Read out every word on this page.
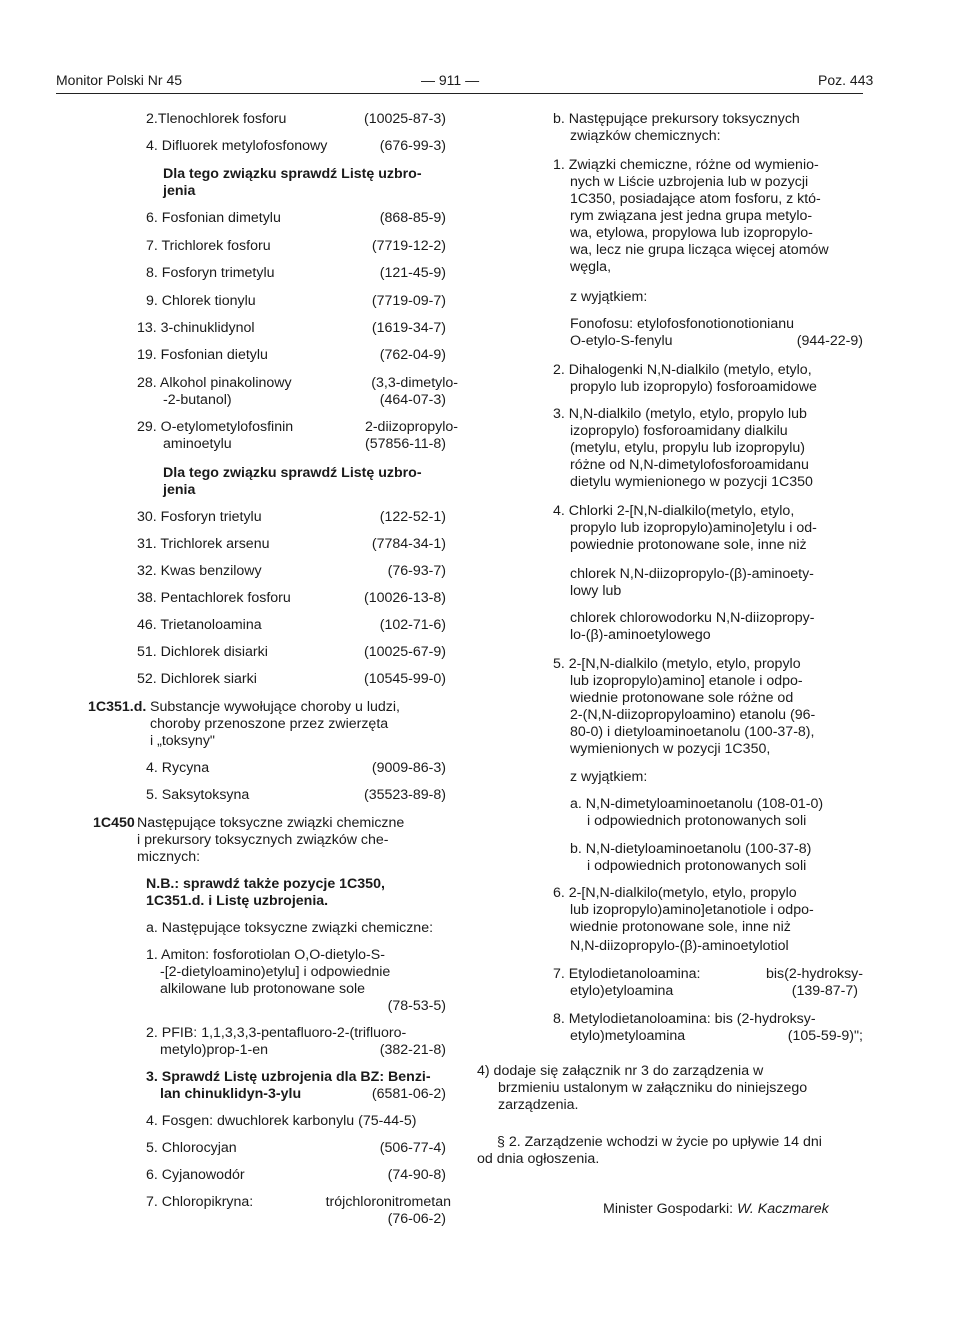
Monitor Polski Nr 45	— 911 —	Poz. 443
2.Tlenochlorek fosforu	(10025-87-3)
4. Difluorek metylofosfonowy	(676-99-3)
Dla tego związku sprawdź Listę uzbro-
jenia
6. Fosfonian dimetylu	(868-85-9)
7. Trichlorek fosforu	(7719-12-2)
8. Fosforyn trimetylu	(121-45-9)
9. Chlorek tionylu	(7719-09-7)
13. 3-chinuklidynol	(1619-34-7)
19. Fosfonian dietylu	(762-04-9)
28. Alkohol pinakolinowy	(3,3-dimetylo-
-2-butanol)	(464-07-3)
29. O-etylometylofosfinin	2-diizopropylo-
aminoetylu	(57856-11-8)
Dla tego związku sprawdź Listę uzbro-
jenia
30. Fosforyn trietylu	(122-52-1)
31. Trichlorek arsenu	(7784-34-1)
32. Kwas benzilowy	(76-93-7)
38. Pentachlorek fosforu	(10026-13-8)
46. Trietanoloamina	(102-71-6)
51. Dichlorek disiarki	(10025-67-9)
52. Dichlorek siarki	(10545-99-0)
1C351.d. Substancje wywołujące choroby u ludzi,
choroby przenoszone przez zwierzęta
i „toksyny"
4. Rycyna	(9009-86-3)
5. Saksytoksyna	(35523-89-8)
1C450 Następujące toksyczne związki chemiczne
i prekursory toksycznych związków che-
micznych:
N.B.: sprawdź także pozycje 1C350,
1C351.d. i Listę uzbrojenia.
a. Następujące toksyczne związki chemiczne:
1. Amiton: fosforotiolan O,O-dietylo-S-
-[2-dietyloamino)etylu] i odpowiednie
alkilowane lub protonowane sole
(78-53-5)
2. PFIB: 1,1,3,3,3-pentafluoro-2-(trifluoro-
metylo)prop-1-en	(382-21-8)
3. Sprawdź Listę uzbrojenia dla BZ: Benzi-
lan chinuklidyn-3-ylu	(6581-06-2)
4. Fosgen: dwuchlorek karbonylu (75-44-5)
5. Chlorocyjan	(506-77-4)
6. Cyjanowodór	(74-90-8)
7. Chloropikryna:	trójchloronitrometan
(76-06-2)
b. Następujące prekursory toksycznych
związków chemicznych:
1. Związki chemiczne, różne od wymienio-
nych w Liście uzbrojenia lub w pozycji
1C350, posiadające atom fosforu, z któ-
rym związana jest jedna grupa metylo-
wa, etylowa, propylowa lub izopropylo-
wa, lecz nie grupa licząca więcej atomów
węgla,
z wyjątkiem:
Fonofosu: etylofosfonotionotionianu
O-etylo-S-fenylu	(944-22-9)
2. Dihalogenki N,N-dialkilo (metylo, etylo,
propylo lub izopropylo) fosforoamidowe
3. N,N-dialkilo (metylo, etylo, propylo lub
izopropylo) fosforoamidany dialkilu
(metylu, etylu, propylu lub izopropylu)
różne od N,N-dimetylofosforoamidanu
dietylu wymienionego w pozycji 1C350
4. Chlorki 2-[N,N-dialkilo(metylo, etylo,
propylo lub izopropylo)amino]etylu i od-
powiednie protonowane sole, inne niż
chlorek N,N-diizopropylo-(β)-aminoety-
lowy lub
chlorek chlorowodorku N,N-diizopropy-
lo-(β)-aminoetylowego
5. 2-[N,N-dialkilo (metylo, etylo, propylo
lub izopropylo)amino] etanole i odpo-
wiednie protonowane sole różne od
2-(N,N-diizopropyloamino) etanolu (96-
80-0) i dietyloaminoetanolu (100-37-8),
wymienionych w pozycji 1C350,
z wyjątkiem:
a. N,N-dimetyloaminoetanolu (108-01-0)
i odpowiednich protonowanych soli
b. N,N-dietyloaminoetanolu (100-37-8)
i odpowiednich protonowanych soli
6. 2-[N,N-dialkilo(metylo, etylo, propylo
lub izopropylo)amino]etanotiole i odpo-
wiednie protonowane sole, inne niż
N,N-diizopropylo-(β)-aminoetylotiol
7. Etylodietanoloamina:	bis(2-hydroksy-
etylo)etyloamina	(139-87-7)
8. Metylodietanoloamina: bis (2-hydroksy-
etylo)metyloamina	(105-59-9)";
4) dodaje się załącznik nr 3 do zarządzenia w
brzmieniu ustalonym w załączniku do niniejszego
zarządzenia.
§ 2. Zarządzenie wchodzi w życie po upływie 14 dni
od dnia ogłoszenia.
Minister Gospodarki: W. Kaczmarek
